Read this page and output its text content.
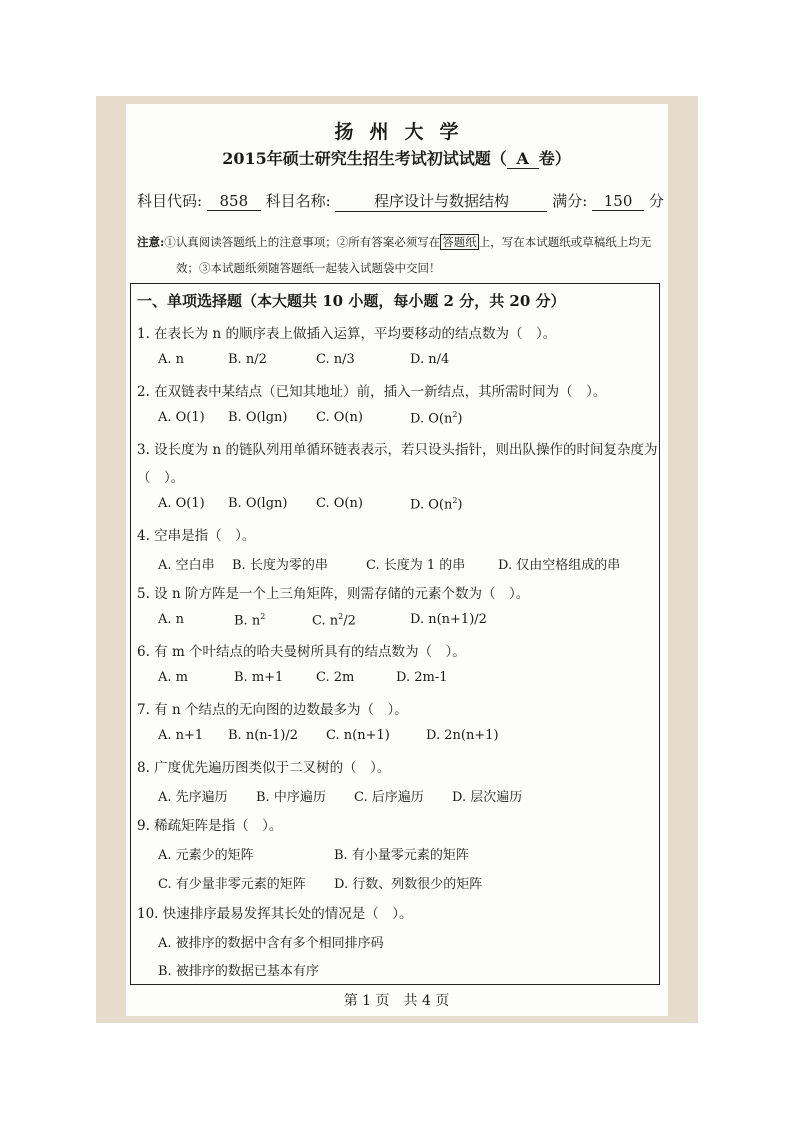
扬州大学
2015年硕士研究生招生考试初试试题（ A 卷）
科目代码: 858 科目名称:	程序设计与数据结构	满分: 150 分
注意:①认真阅读答题纸上的注意事项；②所有答案必须写在 答题纸 上，写在本试题纸或草稿纸上均无
效；③本试题纸须随答题纸一起装入试题袋中交回！
一、单项选择题（本大题共 10 小题，每小题 2 分，共 20 分）
1. 在表长为 n 的顺序表上做插入运算，平均要移动的结点数为（　）。
A. n	B. n/2	C. n/3	D. n/4
2. 在双链表中某结点（已知其地址）前，插入一新结点，其所需时间为（　）。
A. O(1) B. O(lgn) C. O(n)	D. $O(n^2)$
3. 设长度为 n 的链队列用单循环链表表示，若只设头指针，则出队操作的时间复杂度为
（　）。
A. O(1) B. O(lgn) C. O(n)	D. $O(n^2)$
4. 空串是指（　）。
A. 空白串 B. 长度为零的串	C. 长度为 1 的串	D. 仅由空格组成的串
5. 设 n 阶方阵是一个上三角矩阵，则需存储的元素个数为（　）。
A. n	B. $n^2$	C. $n^2/2$	D. n(n+1)/2
6. 有 m 个叶结点的哈夫曼树所具有的结点数为（　）。
A. m	B. m+1	C. 2m	D. 2m-1
7. 有 n 个结点的无向图的边数最多为（　）。
A. n+1 B. n(n-1)/2 C. n(n+1)	D. 2n(n+1)
8. 广度优先遍历图类似于二叉树的（　）。
A. 先序遍历 B. 中序遍历 C. 后序遍历 D. 层次遍历
9. 稀疏矩阵是指（　）。
A. 元素少的矩阵	B. 有小量零元素的矩阵
C. 有少量非零元素的矩阵 D. 行数、列数很少的矩阵
10. 快速排序最易发挥其长处的情况是（　）。
A. 被排序的数据中含有多个相同排序码
B. 被排序的数据已基本有序
第 1 页　共 4 页
